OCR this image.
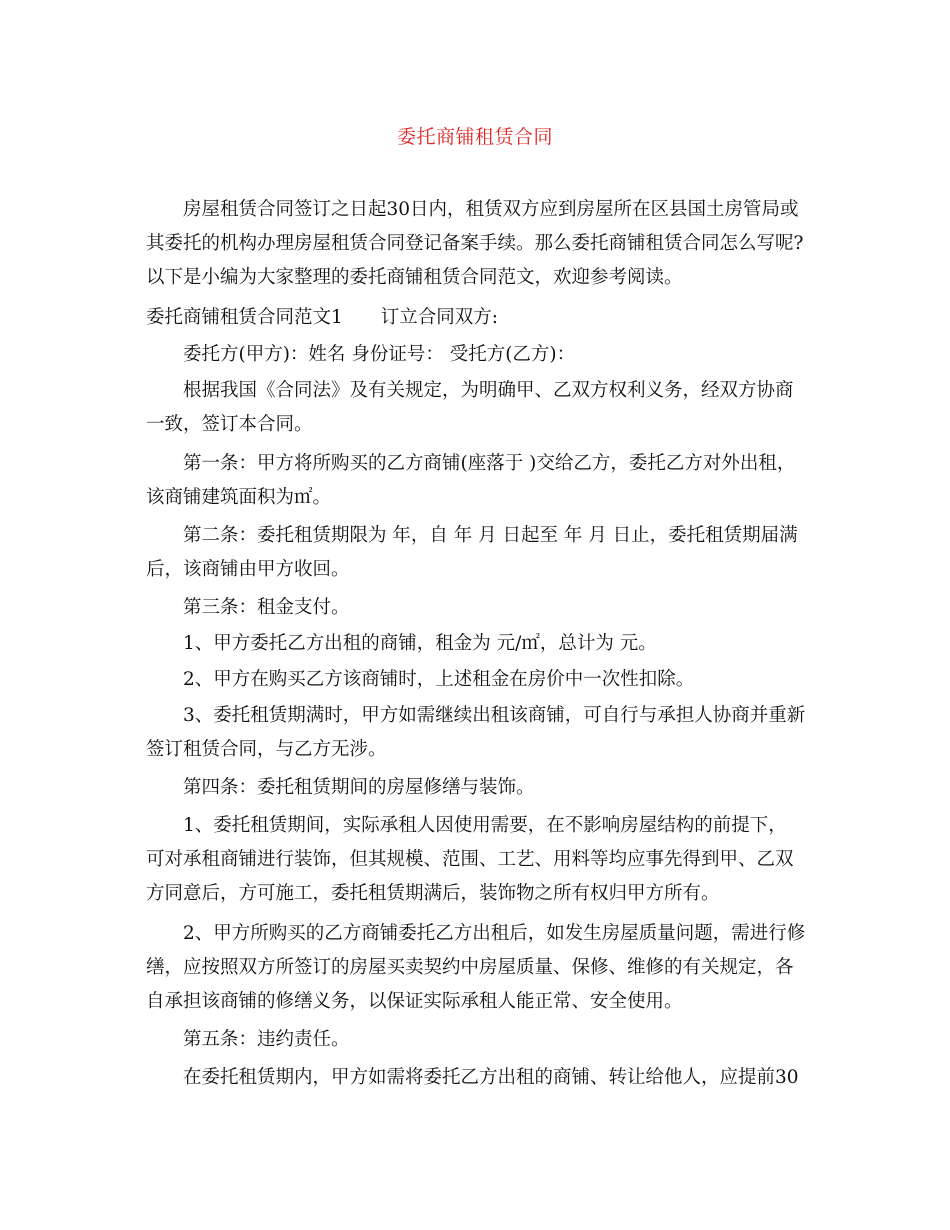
委托商铺租赁合同
房屋租赁合同签订之日起30日内，租赁双方应到房屋所在区县国土房管局或
其委托的机构办理房屋租赁合同登记备案手续。那么委托商铺租赁合同怎么写呢?
以下是小编为大家整理的委托商铺租赁合同范文，欢迎参考阅读。
委托商铺租赁合同范文1 订立合同双方:
委托方(甲方)：姓名 身份证号： 受托方(乙方)：
根据我国《合同法》及有关规定，为明确甲、乙双方权利义务，经双方协商
一致，签订本合同。
第一条：甲方将所购买的乙方商铺(座落于 )交给乙方，委托乙方对外出租，
该商铺建筑面积为㎡。
第二条：委托租赁期限为 年，自 年 月 日起至 年 月 日止，委托租赁期届满
后，该商铺由甲方收回。
第三条：租金支付。
1、甲方委托乙方出租的商铺，租金为 元/㎡，总计为 元。
2、甲方在购买乙方该商铺时，上述租金在房价中一次性扣除。
3、委托租赁期满时，甲方如需继续出租该商铺，可自行与承担人协商并重新
签订租赁合同，与乙方无涉。
第四条：委托租赁期间的房屋修缮与装饰。
1、委托租赁期间，实际承租人因使用需要，在不影响房屋结构的前提下，
可对承租商铺进行装饰，但其规模、范围、工艺、用料等均应事先得到甲、乙双
方同意后，方可施工，委托租赁期满后，装饰物之所有权归甲方所有。
2、甲方所购买的乙方商铺委托乙方出租后，如发生房屋质量问题，需进行修
缮，应按照双方所签订的房屋买卖契约中房屋质量、保修、维修的有关规定，各
自承担该商铺的修缮义务，以保证实际承租人能正常、安全使用。
第五条：违约责任。
在委托租赁期内，甲方如需将委托乙方出租的商铺、转让给他人，应提前30
